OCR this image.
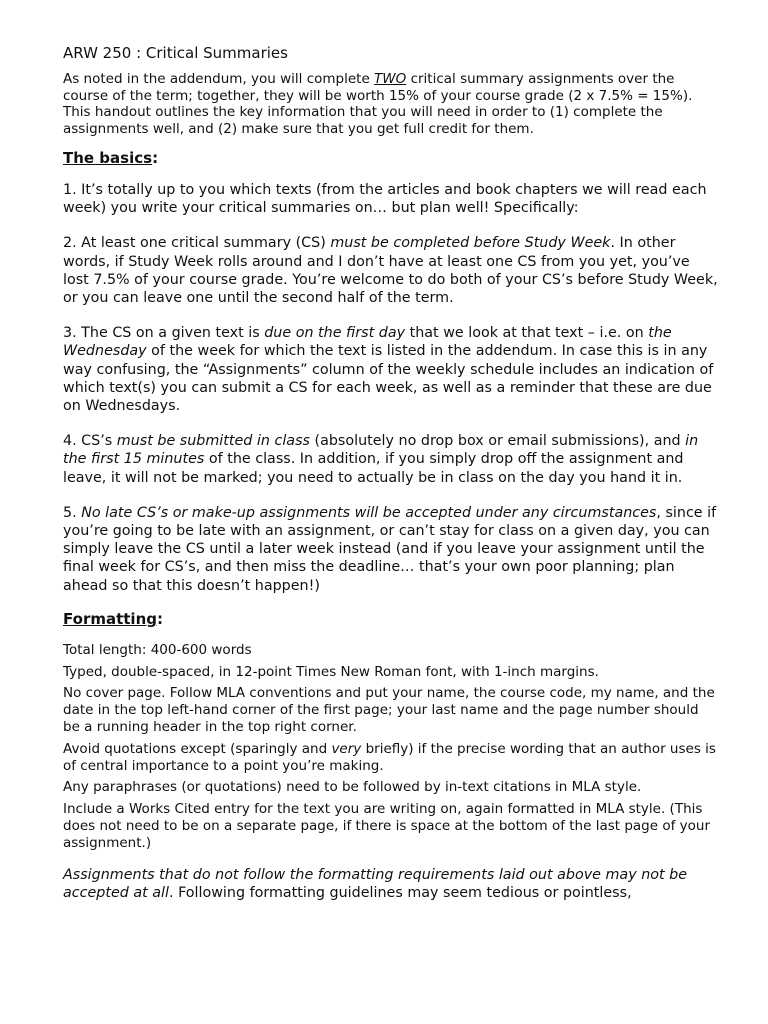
ARW 250 : Critical Summaries

As noted in the addendum, you will complete TWO critical summary assignments over the course of the term; together, they will be worth 15% of your course grade (2 x 7.5% = 15%). This handout outlines the key information that you will need in order to (1) complete the assignments well, and (2) make sure that you get full credit for them.

The basics:

1. It’s totally up to you which texts (from the articles and book chapters we will read each week) you write your critical summaries on… but plan well! Specifically:

2. At least one critical summary (CS) must be completed before Study Week. In other words, if Study Week rolls around and I don’t have at least one CS from you yet, you’ve lost 7.5% of your course grade. You’re welcome to do both of your CS’s before Study Week, or you can leave one until the second half of the term.

3. The CS on a given text is due on the first day that we look at that text – i.e. on the Wednesday of the week for which the text is listed in the addendum. In case this is in any way confusing, the “Assignments” column of the weekly schedule includes an indication of which text(s) you can submit a CS for each week, as well as a reminder that these are due on Wednesdays.

4. CS’s must be submitted in class (absolutely no drop box or email submissions), and in the first 15 minutes of the class. In addition, if you simply drop off the assignment and leave, it will not be marked; you need to actually be in class on the day you hand it in.

5. No late CS’s or make-up assignments will be accepted under any circumstances, since if you’re going to be late with an assignment, or can’t stay for class on a given day, you can simply leave the CS until a later week instead (and if you leave your assignment until the final week for CS’s, and then miss the deadline… that’s your own poor planning; plan ahead so that this doesn’t happen!)

Formatting:

Total length: 400-600 words

Typed, double-spaced, in 12-point Times New Roman font, with 1-inch margins.

No cover page. Follow MLA conventions and put your name, the course code, my name, and the date in the top left-hand corner of the first page; your last name and the page number should be a running header in the top right corner.

Avoid quotations except (sparingly and very briefly) if the precise wording that an author uses is of central importance to a point you’re making.

Any paraphrases (or quotations) need to be followed by in-text citations in MLA style.

Include a Works Cited entry for the text you are writing on, again formatted in MLA style. (This does not need to be on a separate page, if there is space at the bottom of the last page of your assignment.)

Assignments that do not follow the formatting requirements laid out above may not be accepted at all. Following formatting guidelines may seem tedious or pointless,
